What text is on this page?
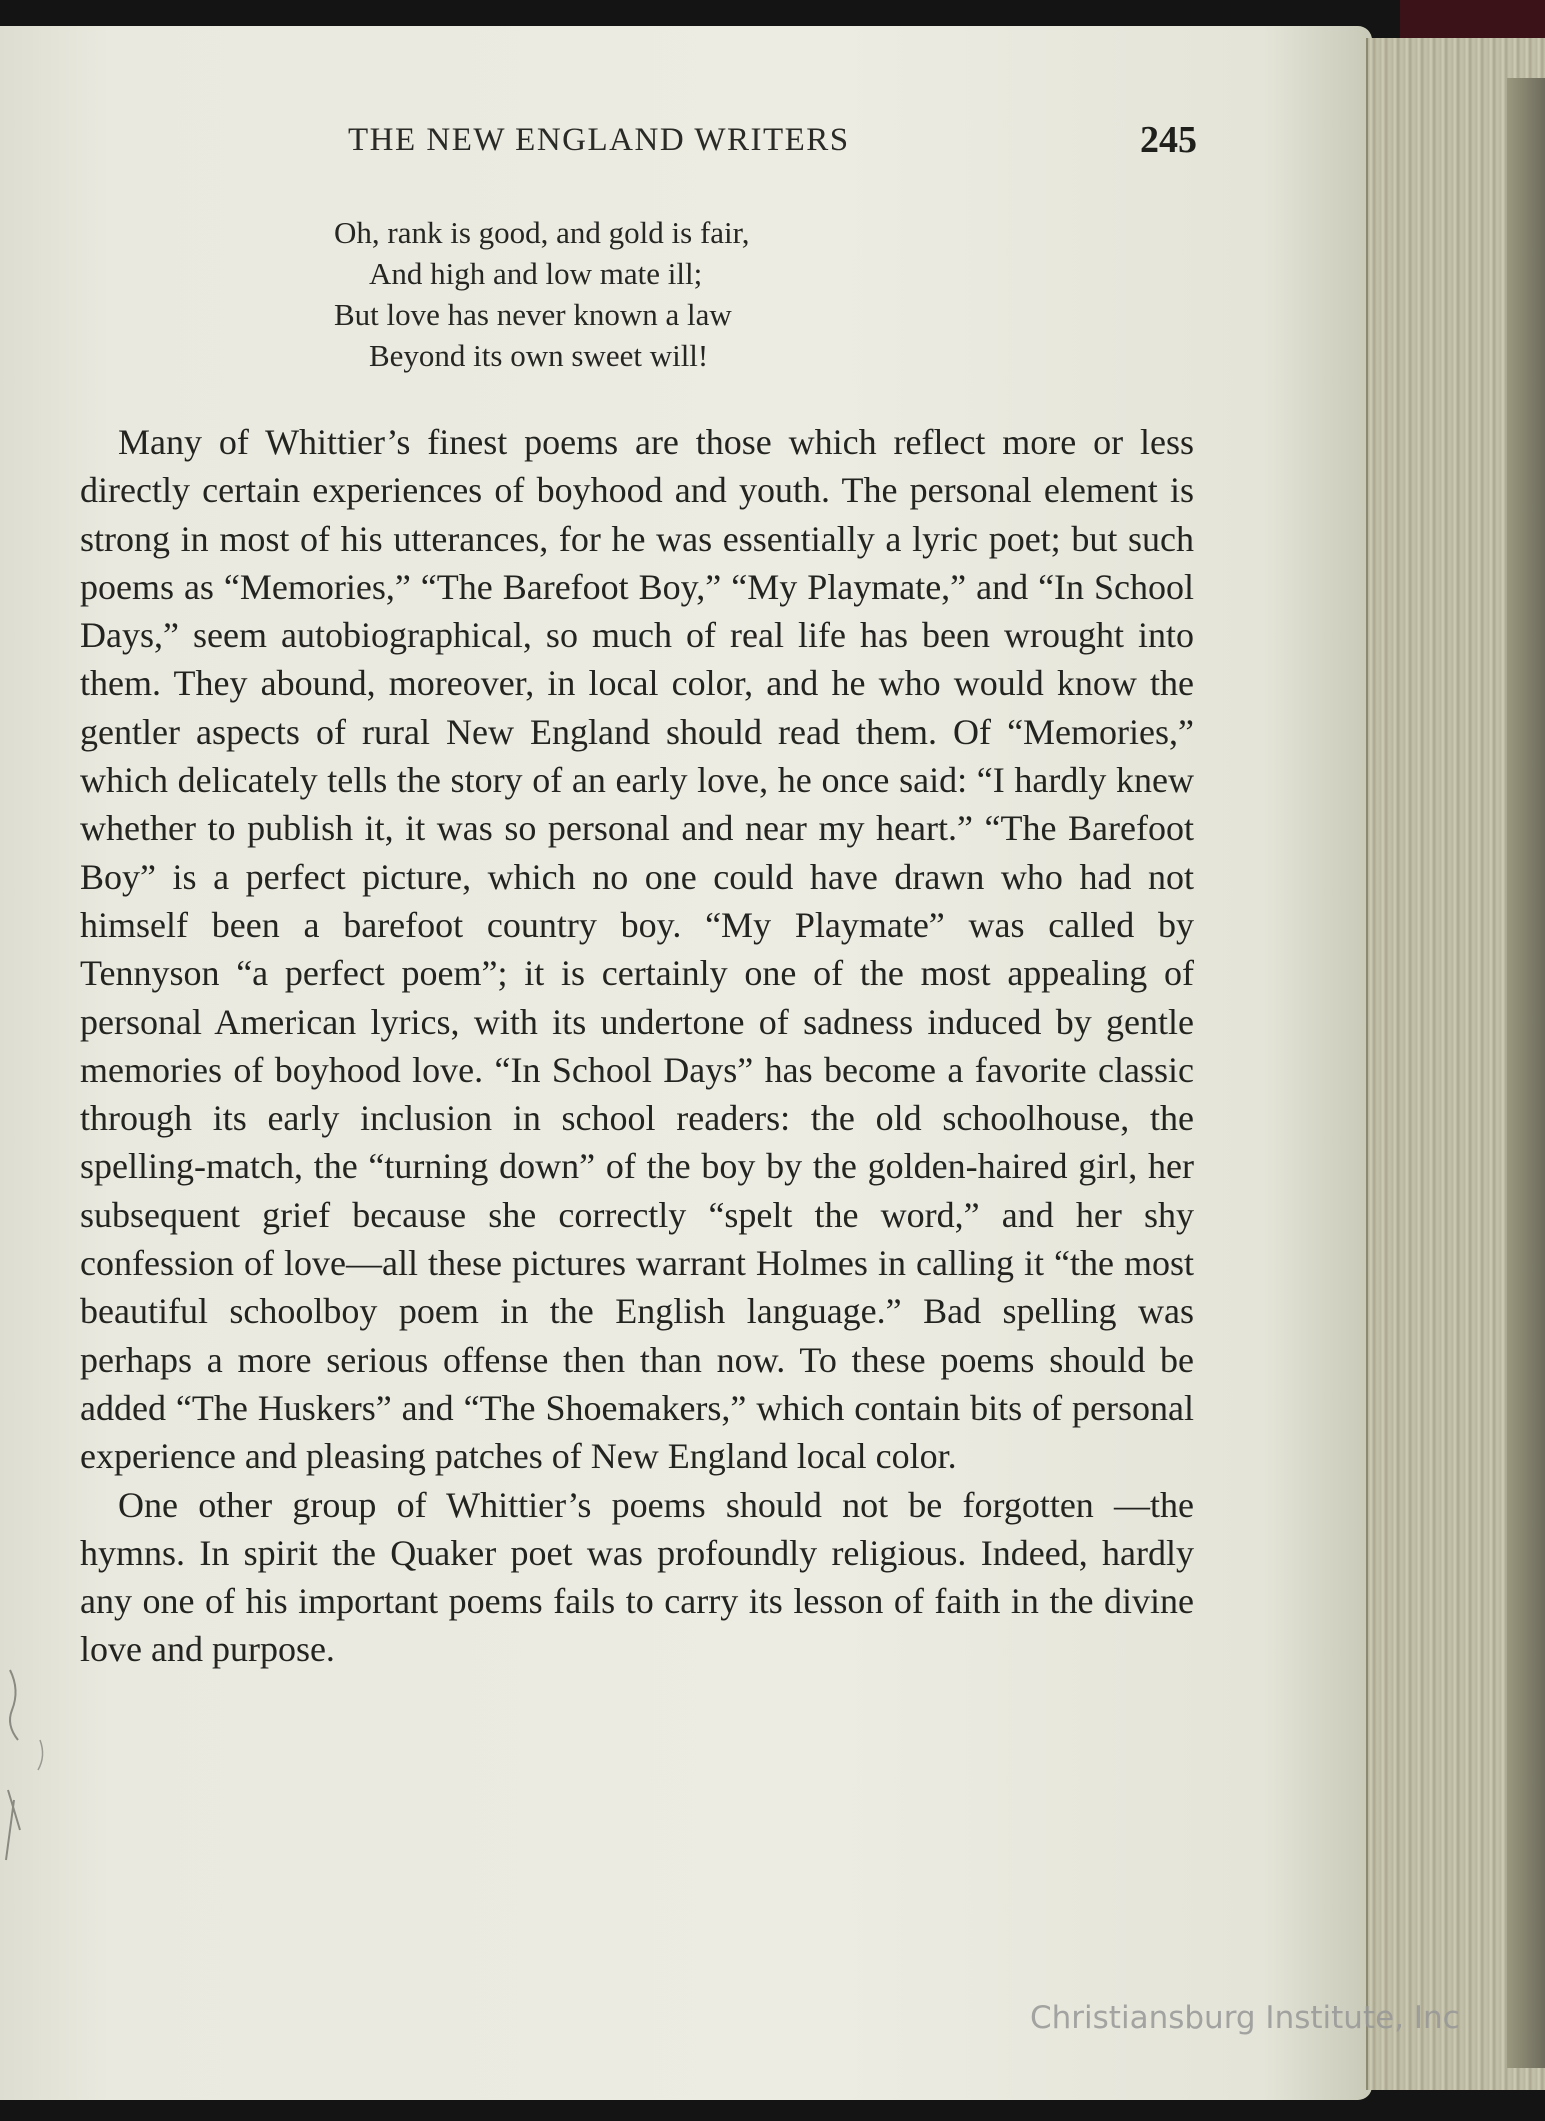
THE NEW ENGLAND WRITERS	245
Oh, rank is good, and gold is fair,
And high and low mate ill;
But love has never known a law
Beyond its own sweet will!

Many of Whittier’s finest poems are those which reflect more or less directly certain experiences of boyhood and youth. The personal element is strong in most of his utterances, for he was essentially a lyric poet; but such poems as “Memories,” “The Barefoot Boy,” “My Playmate,” and “In School Days,” seem autobiographical, so much of real life has been wrought into them. They abound, moreover, in local color, and he who would know the gentler aspects of rural New England should read them. Of “Memories,” which delicately tells the story of an early love, he once said: “I hardly knew whether to publish it, it was so personal and near my heart.” “The Barefoot Boy” is a perfect picture, which no one could have drawn who had not himself been a barefoot country boy. “My Playmate” was called by Tennyson “a perfect poem”; it is certainly one of the most appealing of personal American lyrics, with its undertone of sadness induced by gentle memories of boyhood love. “In School Days” has become a favorite classic through its early inclusion in school readers: the old schoolhouse, the spelling-match, the “turning down” of the boy by the golden-haired girl, her subsequent grief because she correctly “spelt the word,” and her shy confession of love—all these pictures warrant Holmes in calling it “the most beautiful schoolboy poem in the English language.” Bad spelling was perhaps a more serious offense then than now. To these poems should be added “The Huskers” and “The Shoemakers,” which contain bits of personal experience and pleasing patches of New England local color.

One other group of Whittier’s poems should not be forgotten —the hymns. In spirit the Quaker poet was profoundly religious. Indeed, hardly any one of his important poems fails to carry its lesson of faith in the divine love and purpose.

Christiansburg Institute, Inc
